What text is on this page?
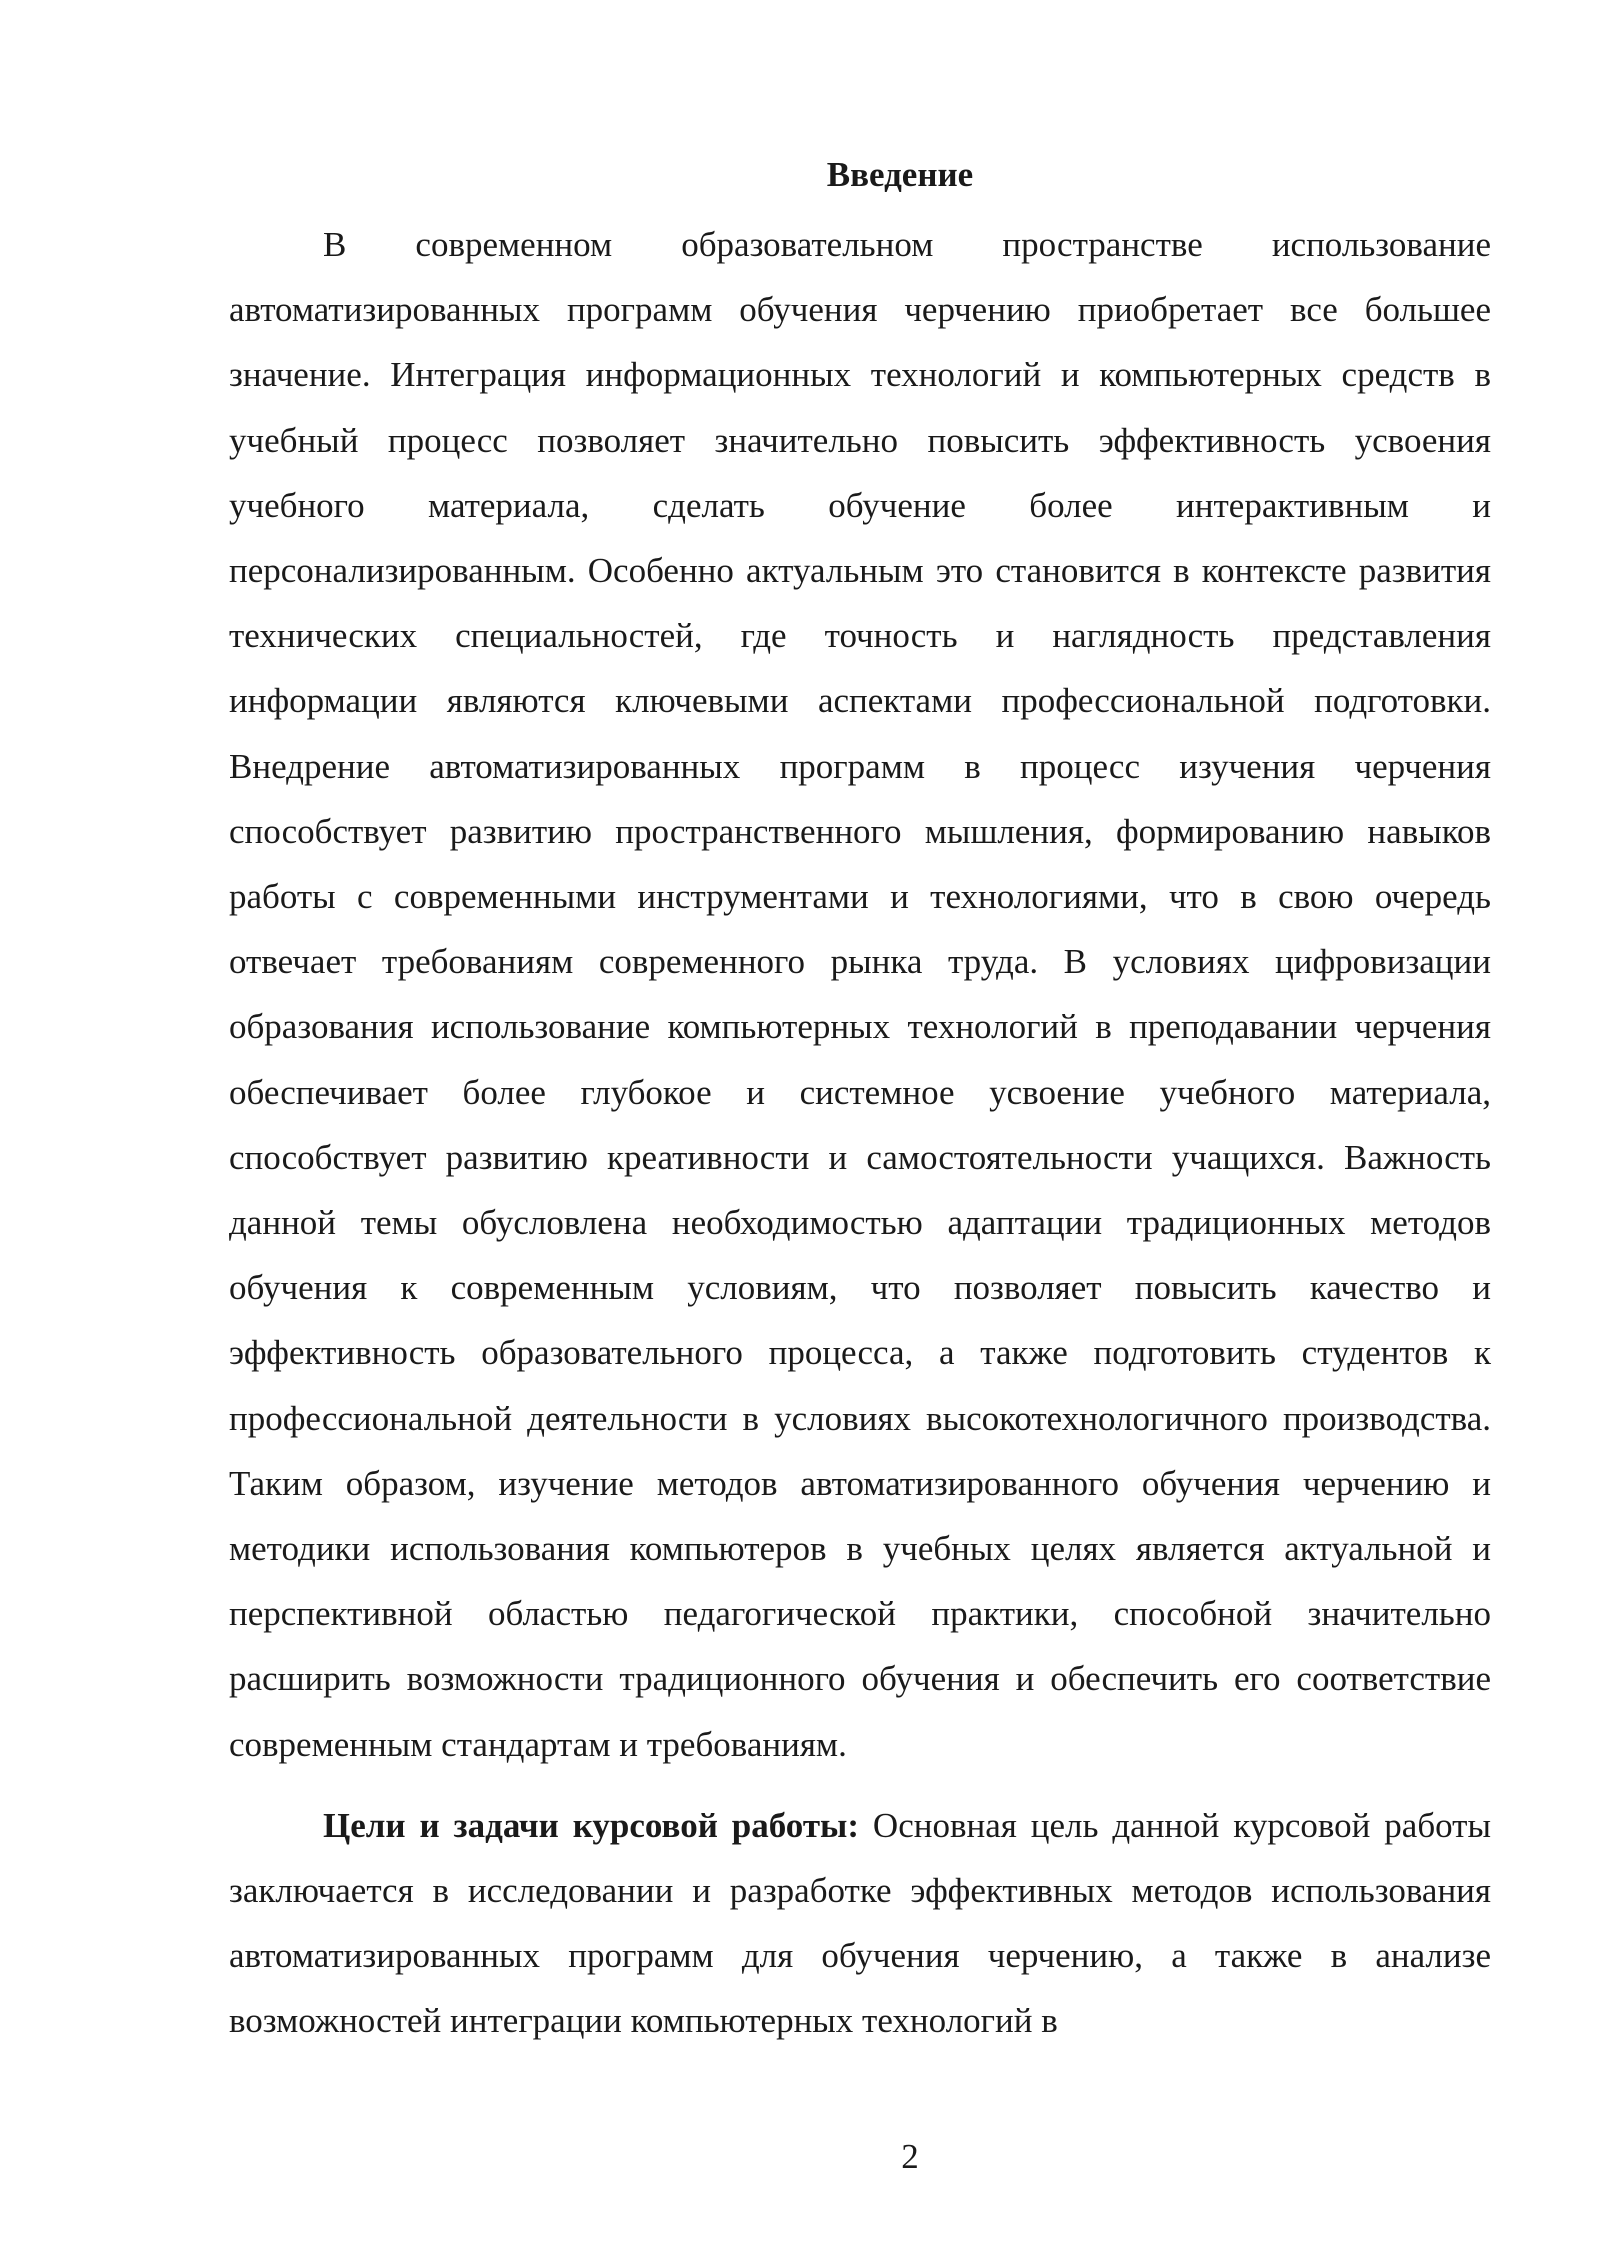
Введение

В современном образовательном пространстве использование автоматизированных программ обучения черчению приобретает все большее значение. Интеграция информационных технологий и компьютерных средств в учебный процесс позволяет значительно повысить эффективность усвоения учебного материала, сделать обучение более интерактивным и персонализированным. Особенно актуальным это становится в контексте развития технических специальностей, где точность и наглядность представления информации являются ключевыми аспектами профессиональной подготовки. Внедрение автоматизированных программ в процесс изучения черчения способствует развитию пространственного мышления, формированию навыков работы с современными инструментами и технологиями, что в свою очередь отвечает требованиям современного рынка труда. В условиях цифровизации образования использование компьютерных технологий в преподавании черчения обеспечивает более глубокое и системное усвоение учебного материала, способствует развитию креативности и самостоятельности учащихся. Важность данной темы обусловлена необходимостью адаптации традиционных методов обучения к современным условиям, что позволяет повысить качество и эффективность образовательного процесса, а также подготовить студентов к профессиональной деятельности в условиях высокотехнологичного производства. Таким образом, изучение методов автоматизированного обучения черчению и методики использования компьютеров в учебных целях является актуальной и перспективной областью педагогической практики, способной значительно расширить возможности традиционного обучения и обеспечить его соответствие современным стандартам и требованиям.

Цели и задачи курсовой работы: Основная цель данной курсовой работы заключается в исследовании и разработке эффективных методов использования автоматизированных программ для обучения черчению, а также в анализе возможностей интеграции компьютерных технологий в

2
